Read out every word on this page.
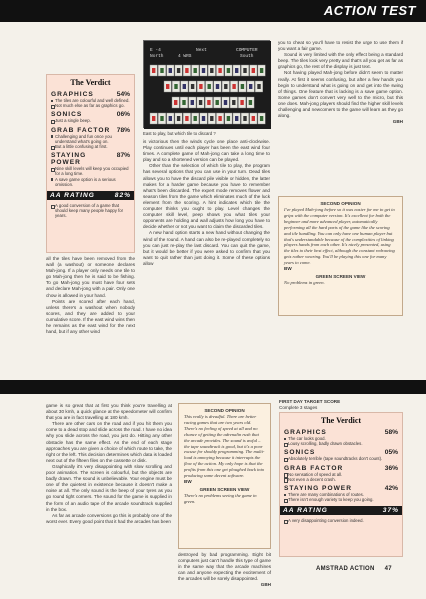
ACTION TEST
The Verdict
GRAPHICS	54%
The tiles are colourful and well defined.
Not much else as far as graphics go.
SONICS	06%
Just a single beep.
GRAB FACTOR 78%
Challenging and fun once you understand what's going on.
But a little confusing at first.
STAYING POWER
87%
Nine skill levels will keep you occupied for a long time.
A save game option is a serious omission.
AA RATING	82%
A good conversion of a game that should keep many people happy for years.

all the tiles have been removed from the wall (a washout) or someone declares Mah-jong. If a player only needs one tile to go Mah-jong then he is said to be fishing. To go Mah-jong you must have four sets and declare Mah-jong with a pair. Only one chow is allowed in your hand.

Points are scored after each hand, unless there's a washout when nobody scores, and they are added to your cumulative score. If the east wind wins then he remains as the east wind for the next hand, but if any other wind

E -4	Next	COMPUTER
North	4 WRS	South
East to play, but which tile to discard ?

is victorious then the winds cycle one place anti-clockwise. Play continues until each player has been the east wind four times. A complete game of Mah-jong can take a long time to play and so a shortened version can be played.

Other than the selection of which tile to play, the program has several options that you can use in your turn. Dead tiles allows you to have the discard pile visible or hidden, the latter makes for a harder game because you have to remember what's been discarded. The expert mode removes flower and season tiles from the game which eliminates much of the luck element from the scoring. A hint indicates which tile the computer thinks you ought to play. Level changes the computer skill level, peep shows you what tiles your opponents are holding and wall adjusts how long you have to decide whether or not you want to claim the discarded tiles.

A new hand option starts a new hand without changing the wind of the round. A hand can also be re-played completely so you can just re-play the last discard. You can quit the game, but it would be better if you were asked to confirm that you want to quit rather than just doing it. Some of these options allow

you to cheat so you'll have to resist the urge to use them if you want a fair game.

Sound is very limited with the only effect being a standard beep. The tiles look very pretty and that's all you get as far as graphics go, the rest of the display is just text.

Not having played Mah-jong before didn't seem to matter really. At first it seems confusing, but after a few hands you begin to understand what is going on and get into the swing of things. One feature that is lacking is a save game option. Some games don't convert very well to the micro, but this one does. Mah-jong players should find the higher skill levels challenging and newcomers to the game will learn as they go along.

GBH

SECOND OPINION
I've played Mah-jong before so it was easier for me to get to grips with the computer version. It's excellent for both the beginner and more advanced player, automatically performing all the hard parts of the game like the scoring and tile handling. You can only have one human player but that's understandable because of the complexities of linking players hands from each other. It's nicely presented, using the tiles to their best effect, although the constant redrawing gets rather wearing. You'll be playing this one for many years to come.
BW
GREEN SCREEN VIEW
No problems in green.

game is so great that at first you think you're travelling at about 30 kmh, a quick glance at the speedometer will confirm that you are in fact travelling at 180 kmh.

There are other cars on the road and if you hit them you come to a dead stop and slide across the road. I have no idea why you slide across the road, you just do. Hitting any other obstacle has the same effect. As the end of each stage approaches you are given a choice of which route to take, the right or the left. This decision determines which data is loaded next out of the fifteen files on the cassette or disk.

Graphically it's very disappointing with slow scrolling and poor animation. The screen is colourful, but the objects are badly drawn. The sound is unbelievable. Your engine must be one of the quietest in existence because it doesn't make a noise at all. The only sound is the beep of your tyres as you go round tight corners. The sound for the game is supplied in the form of an audio tape of the arcade soundtrack supplied in the box.

As far as arcade conversions go this is probably one of the worst ever. Every good point that it had the arcades has been

SECOND OPINION
This really is dreadful. There are better racing games that are two years old. There's no feeling of speed at all and no chance of getting the adrenalin rush that the arcade provides. The sound is awful – the tape soundtrack is good, but it's a poor excuse for shoddy programming. The multi-load is annoying because it interrupts the flow of the action. My only hope is that the profits from this one get ploughed back into producing some decent software.
BW
GREEN SCREEN VIEW
There's no problems seeing the game in green.

destroyed by bad programming. Eight bit computers just can't handle this type of game in the same way that the arcade machines can and anyone expecting the excitement of the arcades will be sorely disappointed.

GBH

FIRST DAY TARGET SCORE
Complete 3 stages
The Verdict
GRAPHICS	58%
The car looks good.
Lousy scrolling, badly drawn obstacles.
SONICS	05%
Absolutely terrible (tape soundtracks don't count).
GRAB FACTOR	36%
No sensation of speed at all.
Not even a decent crash.
STAYING POWER	42%
There are many combinations of routes.
There isn't enough variety to keep you going.
AA RATING	37%
A very disappointing conversion indeed.
AMSTRAD ACTION 47
